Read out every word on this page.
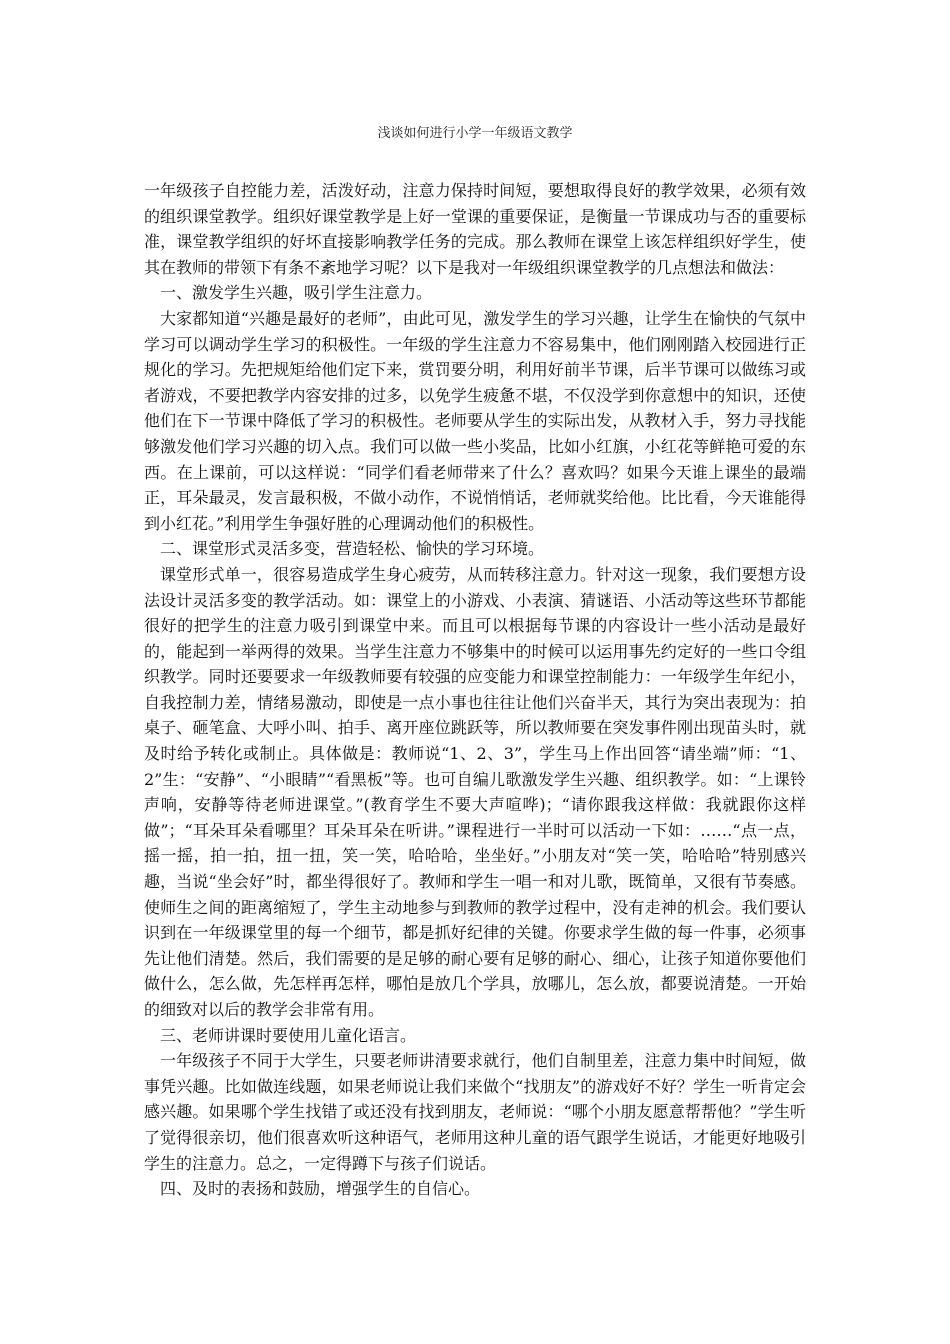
浅谈如何进行小学一年级语文教学

一年级孩子自控能力差，活泼好动，注意力保持时间短，要想取得良好的教学效果，必须有效的组织课堂教学。组织好课堂教学是上好一堂课的重要保证，是衡量一节课成功与否的重要标准，课堂教学组织的好坏直接影响教学任务的完成。那么教师在课堂上该怎样组织好学生，使其在教师的带领下有条不紊地学习呢？以下是我对一年级组织课堂教学的几点想法和做法：

一、激发学生兴趣，吸引学生注意力。

大家都知道“兴趣是最好的老师”，由此可见，激发学生的学习兴趣，让学生在愉快的气氛中学习可以调动学生学习的积极性。一年级的学生注意力不容易集中，他们刚刚踏入校园进行正规化的学习。先把规矩给他们定下来，赏罚要分明，利用好前半节课，后半节课可以做练习或者游戏，不要把教学内容安排的过多，以免学生疲惫不堪，不仅没学到你意想中的知识，还使他们在下一节课中降低了学习的积极性。老师要从学生的实际出发，从教材入手，努力寻找能够激发他们学习兴趣的切入点。我们可以做一些小奖品，比如小红旗，小红花等鲜艳可爱的东西。在上课前，可以这样说：“同学们看老师带来了什么？喜欢吗？如果今天谁上课坐的最端正，耳朵最灵，发言最积极，不做小动作，不说悄悄话，老师就奖给他。比比看，今天谁能得到小红花。”利用学生争强好胜的心理调动他们的积极性。

二、课堂形式灵活多变，营造轻松、愉快的学习环境。

课堂形式单一，很容易造成学生身心疲劳，从而转移注意力。针对这一现象，我们要想方设法设计灵活多变的教学活动。如：课堂上的小游戏、小表演、猜谜语、小活动等这些环节都能很好的把学生的注意力吸引到课堂中来。而且可以根据每节课的内容设计一些小活动是最好的，能起到一举两得的效果。当学生注意力不够集中的时候可以运用事先约定好的一些口令组织教学。同时还要要求一年级教师要有较强的应变能力和课堂控制能力：一年级学生年纪小，自我控制力差，情绪易激动，即使是一点小事也往往让他们兴奋半天，其行为突出表现为：拍桌子、砸笔盒、大呼小叫、拍手、离开座位跳跃等，所以教师要在突发事件刚出现苗头时，就及时给予转化或制止。具体做是：教师说“1、2、3”，学生马上作出回答“请坐端”师：“1、2”生：“安静”、“小眼睛”“看黑板”等。也可自编儿歌激发学生兴趣、组织教学。如：“上课铃声响，安静等待老师进课堂。”(教育学生不要大声喧哗)；“请你跟我这样做：我就跟你这样做”；“耳朵耳朵看哪里？耳朵耳朵在听讲。”课程进行一半时可以活动一下如：……“点一点，摇一摇，拍一拍，扭一扭，笑一笑，哈哈哈，坐坐好。”小朋友对“笑一笑，哈哈哈”特别感兴趣，当说“坐会好”时，都坐得很好了。教师和学生一唱一和对儿歌，既简单，又很有节奏感。使师生之间的距离缩短了，学生主动地参与到教师的教学过程中，没有走神的机会。我们要认识到在一年级课堂里的每一个细节，都是抓好纪律的关键。你要求学生做的每一件事，必须事先让他们清楚。然后，我们需要的是足够的耐心要有足够的耐心、细心，让孩子知道你要他们做什么，怎么做，先怎样再怎样，哪怕是放几个学具，放哪儿，怎么放，都要说清楚。一开始的细致对以后的教学会非常有用。

三、老师讲课时要使用儿童化语言。

一年级孩子不同于大学生，只要老师讲清要求就行，他们自制里差，注意力集中时间短，做事凭兴趣。比如做连线题，如果老师说让我们来做个“找朋友”的游戏好不好？学生一听肯定会感兴趣。如果哪个学生找错了或还没有找到朋友，老师说：“哪个小朋友愿意帮帮他？”学生听了觉得很亲切，他们很喜欢听这种语气，老师用这种儿童的语气跟学生说话，才能更好地吸引学生的注意力。总之，一定得蹲下与孩子们说话。

四、及时的表扬和鼓励，增强学生的自信心。
